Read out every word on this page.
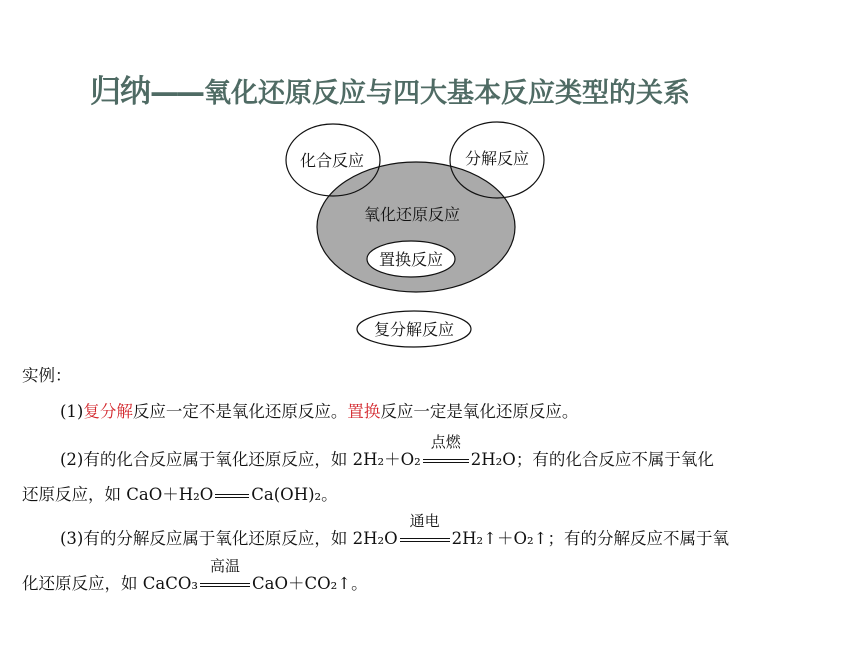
归纳——氧化还原反应与四大基本反应类型的关系
化合反应	分解反应
氧化还原反应
置换反应
复分解反应
实例：
(1)复分解反应一定不是氧化还原反应。置换反应一定是氧化还原反应。
(2)有的化合反应属于氧化还原反应，如 2H₂＋O₂
点燃
2H₂O；有的化合反应不属于氧化
还原反应，如 CaO＋H₂O Ca(OH)₂。
(3)有的分解反应属于氧化还原反应，如 2H₂O
通电
2H₂↑＋O₂↑；有的分解反应不属于氧
化还原反应，如 CaCO₃
高温
CaO＋CO₂↑。
